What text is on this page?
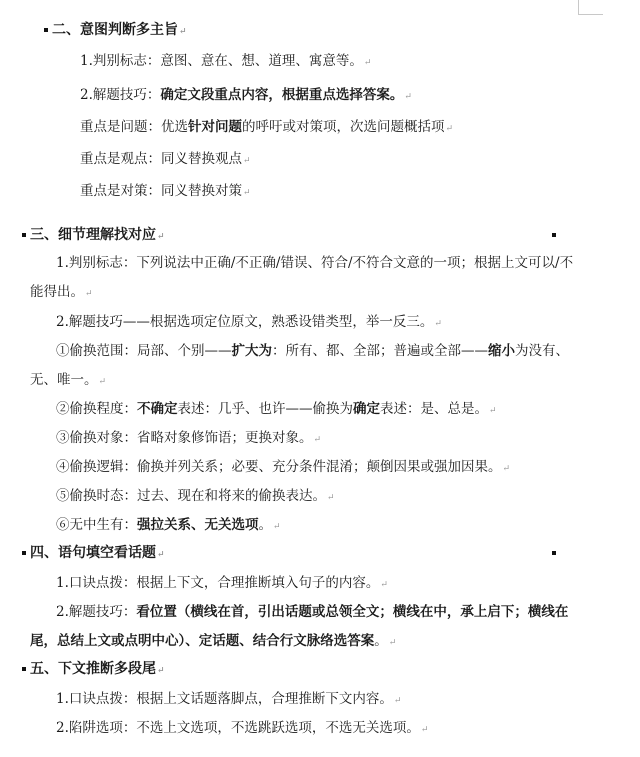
二、意图判断多主旨↵
1.判别标志：意图、意在、想、道理、寓意等。↵
2.解题技巧：确定文段重点内容，根据重点选择答案。↵
重点是问题：优选针对问题的呼吁或对策项，次选问题概括项↵
重点是观点：同义替换观点↵
重点是对策：同义替换对策↵
三、细节理解找对应↵
1.判别标志：下列说法中正确/不正确/错误、符合/不符合文意的一项；根据上文可以/不
能得出。↵
2.解题技巧——根据选项定位原文，熟悉设错类型，举一反三。↵
①偷换范围：局部、个别——扩大为：所有、都、全部；普遍或全部——缩小为没有、
无、唯一。↵
②偷换程度：不确定表述：几乎、也许——偷换为确定表述：是、总是。↵
③偷换对象：省略对象修饰语；更换对象。↵
④偷换逻辑：偷换并列关系；必要、充分条件混淆；颠倒因果或强加因果。↵
⑤偷换时态：过去、现在和将来的偷换表达。↵
⑥无中生有：强拉关系、无关选项。↵
四、语句填空看话题↵
1.口诀点拨：根据上下文，合理推断填入句子的内容。↵
2.解题技巧：看位置（横线在首，引出话题或总领全文；横线在中，承上启下；横线在
尾，总结上文或点明中心）、定话题、结合行文脉络选答案。↵
五、下文推断多段尾↵
1.口诀点拨：根据上文话题落脚点，合理推断下文内容。↵
2.陷阱选项：不选上文选项，不选跳跃选项，不选无关选项。↵
